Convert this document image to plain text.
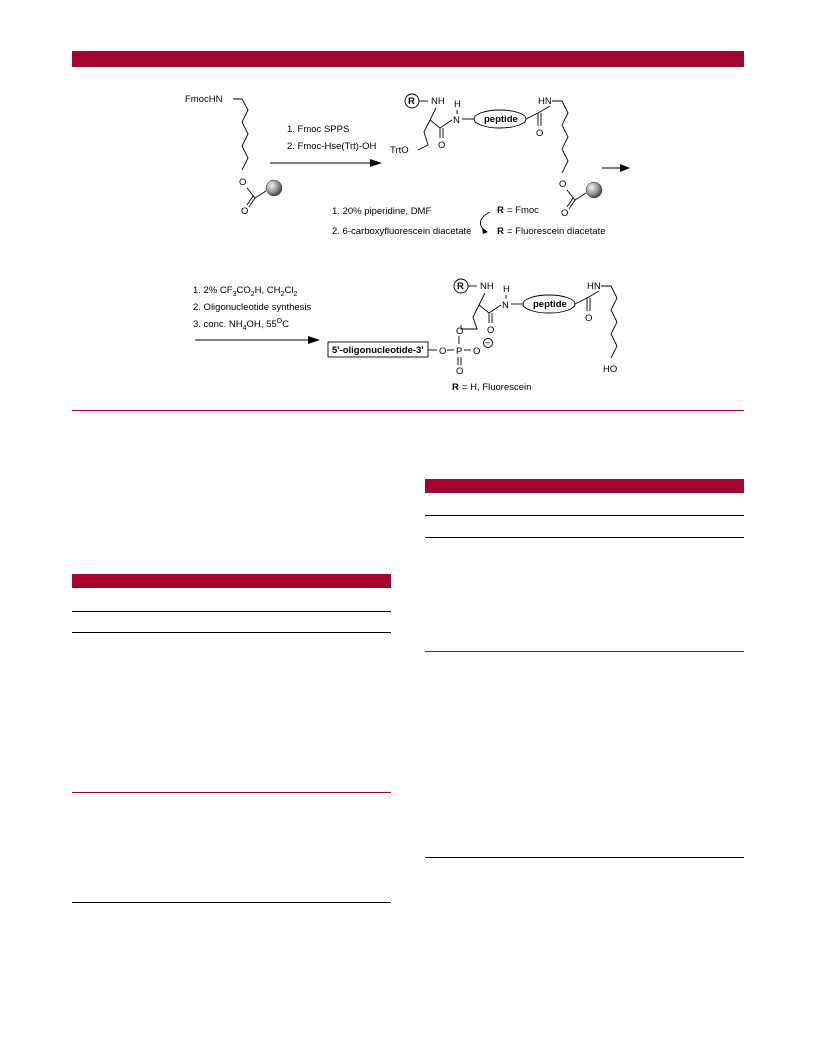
FmocHN
O
O
1. Fmoc SPPS
2. Fmoc-Hse(Trt)-OH
R NH
TrtO	O
N
H
peptide
O
HN
O
O
1. 20% piperidine, DMF
2. 6-carboxyfluorescein diacetate
R = Fmoc
R = Fluorescein diacetate
1. 2% $CF_3CO_2H$, $CH_2Cl_2$
2. Oligonucleotide synthesis
3. conc. $NH_4OH$, $55^OC$
5'-oligonucleotide-3' O P O
−
O
O
R NH
O
N
H
peptide
O
HN
HO
R = H, Fluorescein
